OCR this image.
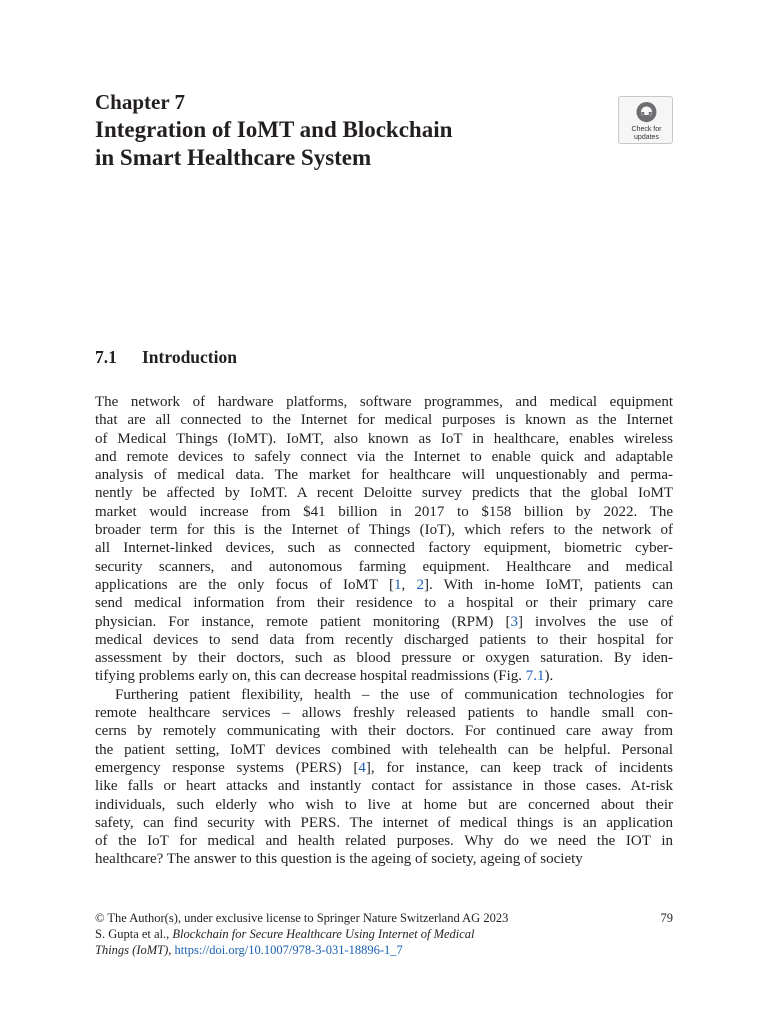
Chapter 7
Integration of IoMT and Blockchain
in Smart Healthcare System
Check for
updates
7.1 Introduction

The network of hardware platforms, software programmes, and medical equipment
that are all connected to the Internet for medical purposes is known as the Internet
of Medical Things (IoMT). IoMT, also known as IoT in healthcare, enables wireless
and remote devices to safely connect via the Internet to enable quick and adaptable
analysis of medical data. The market for healthcare will unquestionably and perma-
nently be affected by IoMT. A recent Deloitte survey predicts that the global IoMT
market would increase from $41 billion in 2017 to $158 billion by 2022. The
broader term for this is the Internet of Things (IoT), which refers to the network of
all Internet-linked devices, such as connected factory equipment, biometric cyber-
security scanners, and autonomous farming equipment. Healthcare and medical
applications are the only focus of IoMT [1, 2]. With in-home IoMT, patients can
send medical information from their residence to a hospital or their primary care
physician. For instance, remote patient monitoring (RPM) [3] involves the use of
medical devices to send data from recently discharged patients to their hospital for
assessment by their doctors, such as blood pressure or oxygen saturation. By iden-
tifying problems early on, this can decrease hospital readmissions (Fig. 7.1).

Furthering patient flexibility, health – the use of communication technologies for
remote healthcare services – allows freshly released patients to handle small con-
cerns by remotely communicating with their doctors. For continued care away from
the patient setting, IoMT devices combined with telehealth can be helpful. Personal
emergency response systems (PERS) [4], for instance, can keep track of incidents
like falls or heart attacks and instantly contact for assistance in those cases. At-risk
individuals, such elderly who wish to live at home but are concerned about their
safety, can find security with PERS. The internet of medical things is an application
of the IoT for medical and health related purposes. Why do we need the IOT in
healthcare? The answer to this question is the ageing of society, ageing of society

© The Author(s), under exclusive license to Springer Nature Switzerland AG 2023	79
S. Gupta et al., Blockchain for Secure Healthcare Using Internet of Medical
Things (IoMT), https://doi.org/10.1007/978-3-031-18896-1_7
